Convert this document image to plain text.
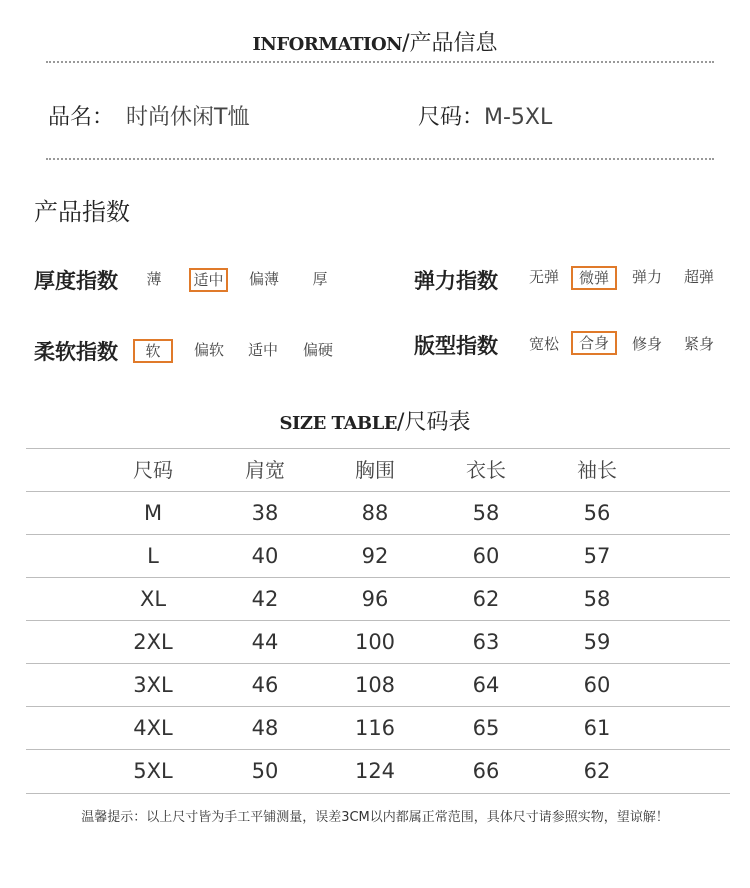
INFORMATION/产品信息
品名： 时尚休闲T恤	尺码：M-5XL
产品指数
厚度指数 薄	适中	偏薄	厚	弹力指数	无弹	微弹	弹力	超弹
柔软指数	软	偏软	适中	偏硬	版型指数	宽松	合身	修身	紧身
SIZE TABLE/尺码表
尺码	肩宽	胸围	衣长	袖长
M	38	88	58	56
L	40	92	60	57
XL	42	96	62	58
2XL	44	100	63	59
3XL	46	108	64	60
4XL	48	116	65	61
5XL	50	124	66	62
温馨提示：以上尺寸皆为手工平铺测量，误差3CM以内都属正常范围，具体尺寸请参照实物，望谅解！
